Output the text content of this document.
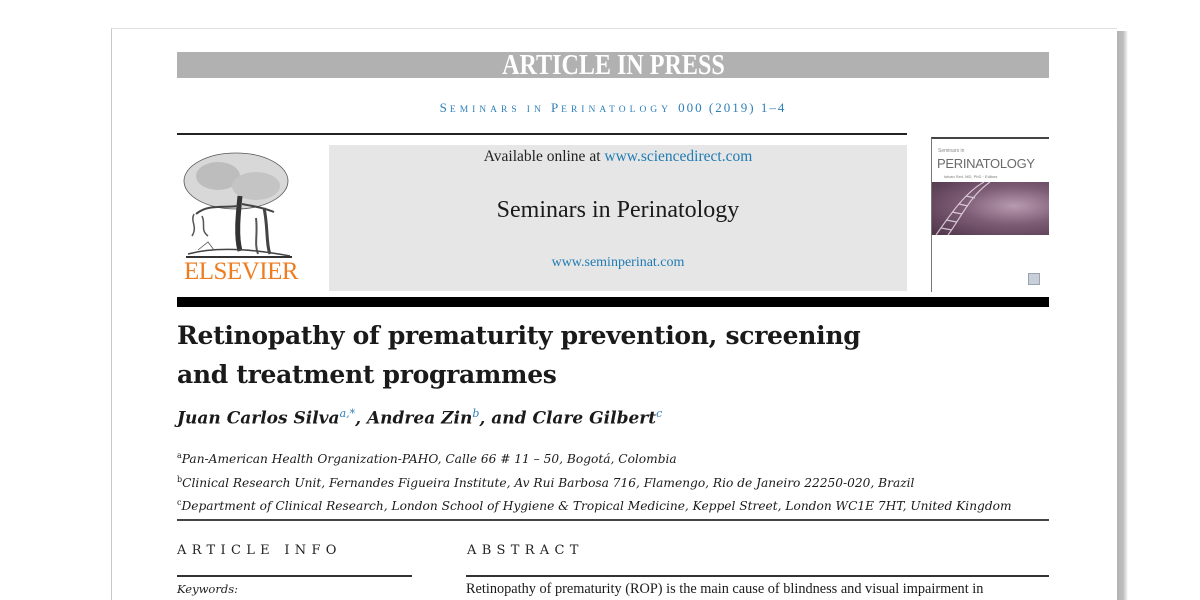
ARTICLE IN PRESS
SEMINARS IN PERINATOLOGY 000 (2019) 1–4
ELSEVIER
Available online at www.sciencedirect.com
Seminars in Perinatology
www.seminperinat.com
Seminars in
PERINATOLOGY
Istvan Seri, MD, PhD · Editors
Retinopathy of prematurity prevention, screening
and treatment programmes
Juan Carlos Silva$^{a,*}$, Andrea Zin$^b$, and Clare Gilbert$^c$
$^a$Pan-American Health Organization-PAHO, Calle 66 # 11 – 50, Bogotá, Colombia
$^b$Clinical Research Unit, Fernandes Figueira Institute, Av Rui Barbosa 716, Flamengo, Rio de Janeiro 22250-020, Brazil
$^c$Department of Clinical Research, London School of Hygiene & Tropical Medicine, Keppel Street, London WC1E 7HT, United Kingdom
ARTICLE INFO	ABSTRACT
Keywords:	Retinopathy of prematurity (ROP) is the main cause of blindness and visual impairment in
